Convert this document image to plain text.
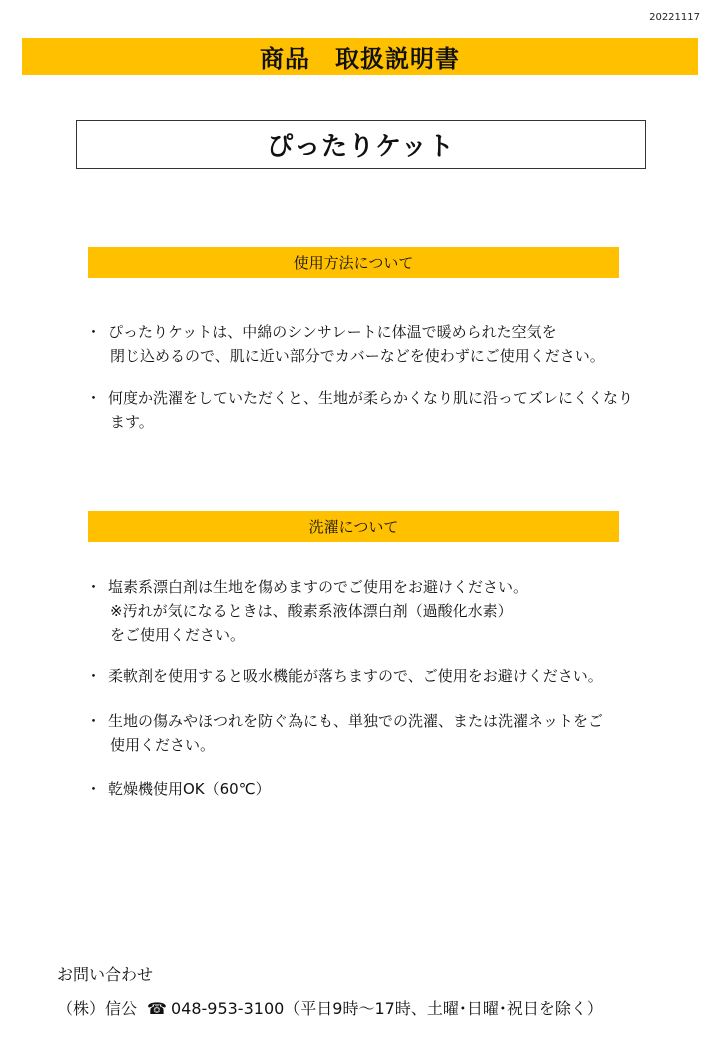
20221117
商品　取扱説明書
ぴったりケット
使用方法について
・ ぴったりケットは、中綿のシンサレートに体温で暖められた空気を
閉じ込めるので、肌に近い部分でカバーなどを使わずにご使用ください。
・ 何度か洗濯をしていただくと、生地が柔らかくなり肌に沿ってズレにくくなり
ます。
洗濯について
・ 塩素系漂白剤は生地を傷めますのでご使用をお避けください。
※汚れが気になるときは、酸素系液体漂白剤（過酸化水素）
をご使用ください。
・ 柔軟剤を使用すると吸水機能が落ちますので、ご使用をお避けください。
・ 生地の傷みやほつれを防ぐ為にも、単独での洗濯、または洗濯ネットをご
使用ください。
・ 乾燥機使用OK（60℃）
お問い合わせ
（株）信公 ☎ 048-953-3100（平日9時～17時、土曜･日曜･祝日を除く）
